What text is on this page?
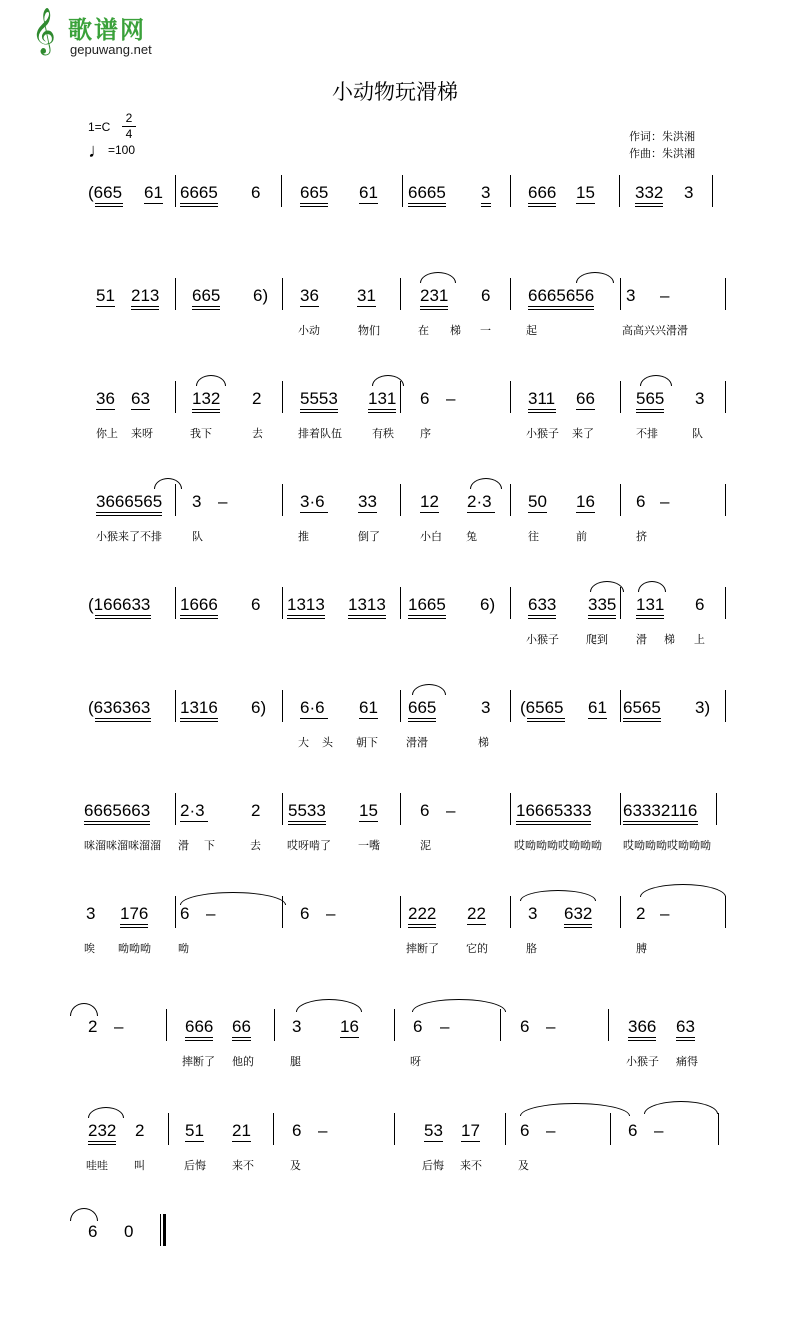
𝄞 歌谱网
gepuwang.net
小动物玩滑梯
1=C
2
4
♩=100
作词：朱洪湘
作曲：朱洪湘
(665 61 6665 6 665 61 6665 3 666 15 332 3
51 213 665 6) 36 31	231 6 6665656 3 –
小动	物们	在	一	起	高高兴兴滑滑
梯
36 63 132 2 5553 131 6 –	311 66 565 3
你上 来呀	我下	去	排着队伍	有秩 序	小猴子 来了	不排	队
3666565 3 –	3·6 33	12 2·3 50 16 6 –
小猴来了不排	队	推	倒了	小白 兔	往	前	挤
(166633 1666 6 1313 1313 1665 6) 633 335 131 6
小猴子 爬到	滑 梯 上
(636363 1316 6) 6·6 61 665	3 (6565 61 6565 3)
大 头 朝下	滑滑	梯
6665663 2·3	2 5533 15 6 –	16665333 63332116
咪溜咪溜咪溜溜 滑 下	去 哎呀啃了 一嘴	泥	哎呦呦呦哎呦呦呦 哎呦呦呦哎呦呦呦
3 176 6 –	6 –	222 22 3 632	2 –
唉 呦呦呦 呦	摔断了 它的	胳	膊
2 –	666 66 3 16	6 –	6 –	366 63
摔断了 他的	腿	呀	小猴子 痛得
232 2 51 21 6 –	53 17 6 –	6 –
哇哇 叫	后悔 来不	及	后悔 来不	及
6 0
